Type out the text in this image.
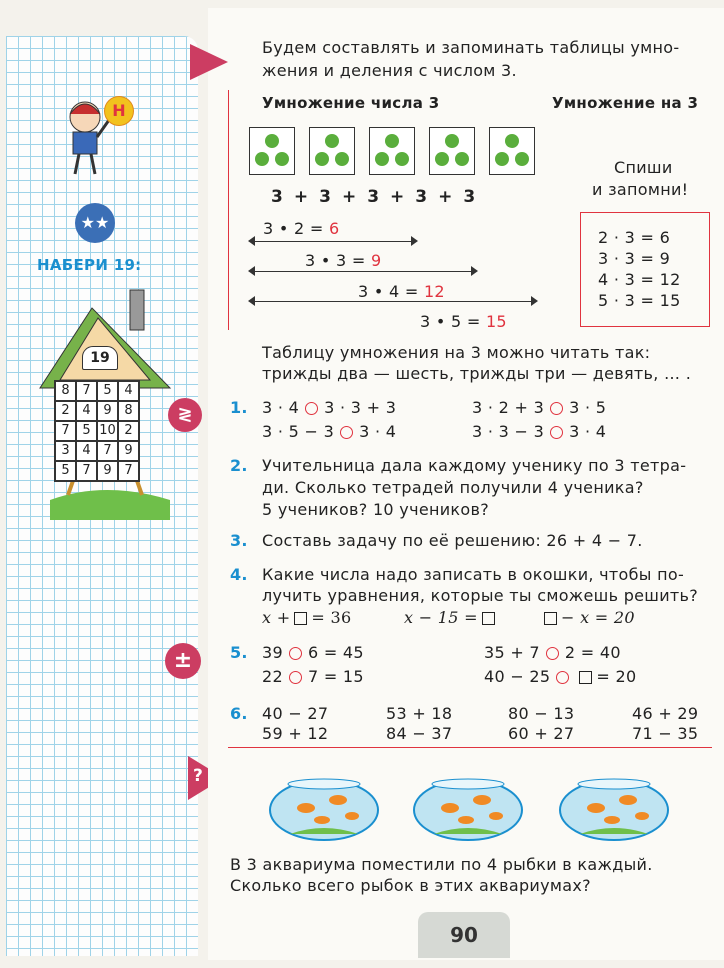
Н
★★
НАБЕРИ 19:
19
8 7 5 4
2 4 9 8
7 5 10 2
3 4 7 9
5 7 9 7
≷
±
?
Будем составлять и запоминать таблицы умно-
жения и деления с числом 3.
Умножение числа 3	Умножение на 3
3 + 3 + 3 + 3 + 3
3 • 2 = 6
3 • 3 = 9
3 • 4 = 12
3 • 5 = 15
Спиши
и запомни!
2 · 3 = 6
3 · 3 = 9
4 · 3 = 12
5 · 3 = 15
Таблицу умножения на 3 можно читать так:
трижды два — шесть, трижды три — девять, … .
1. 3 · 4 3 · 3 + 3	3 · 2 + 3 3 · 5
3 · 5 − 3 3 · 4	3 · 3 − 3 3 · 4
2. Учительница дала каждому ученику по 3 тетра-
ди. Сколько тетрадей получили 4 ученика?
5 учеников? 10 учеников?
3. Составь задачу по её решению: 26 + 4 − 7.
4. Какие числа надо записать в окошки, чтобы по-
лучить уравнения, которые ты сможешь решить?
x + = 36	x − 15 =	− x = 20
5. 39 6 = 45	35 + 7 2 = 40
22 7 = 15	40 − 25	= 20
6. 40 − 27	53 + 18	80 − 13	46 + 29
59 + 12	84 − 37	60 + 27	71 − 35
В 3 аквариума поместили по 4 рыбки в каждый.
Сколько всего рыбок в этих аквариумах?
90
